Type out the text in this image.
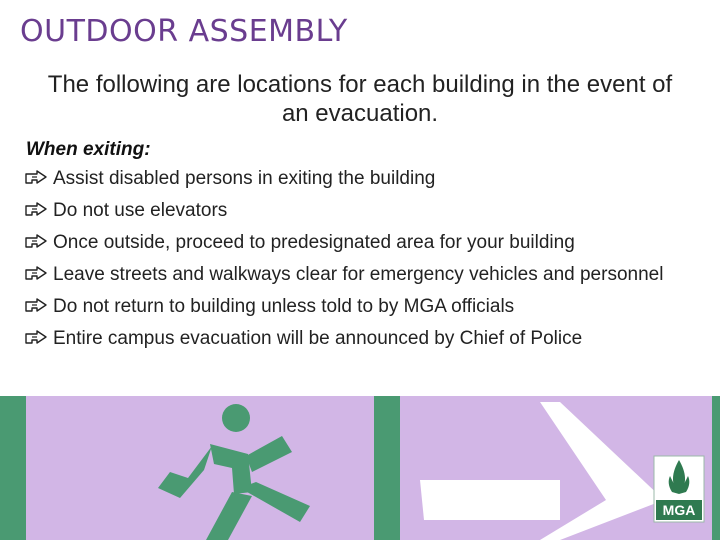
OUTDOOR ASSEMBLY
The following are locations for each building in the event of an evacuation.
When exiting:
Assist disabled persons in exiting the building
Do not use elevators
Once outside, proceed to predesignated area for your building
Leave streets and walkways clear for emergency vehicles and personnel
Do not return to building unless told to by MGA officials
Entire campus evacuation will be announced by Chief of Police
MGA
